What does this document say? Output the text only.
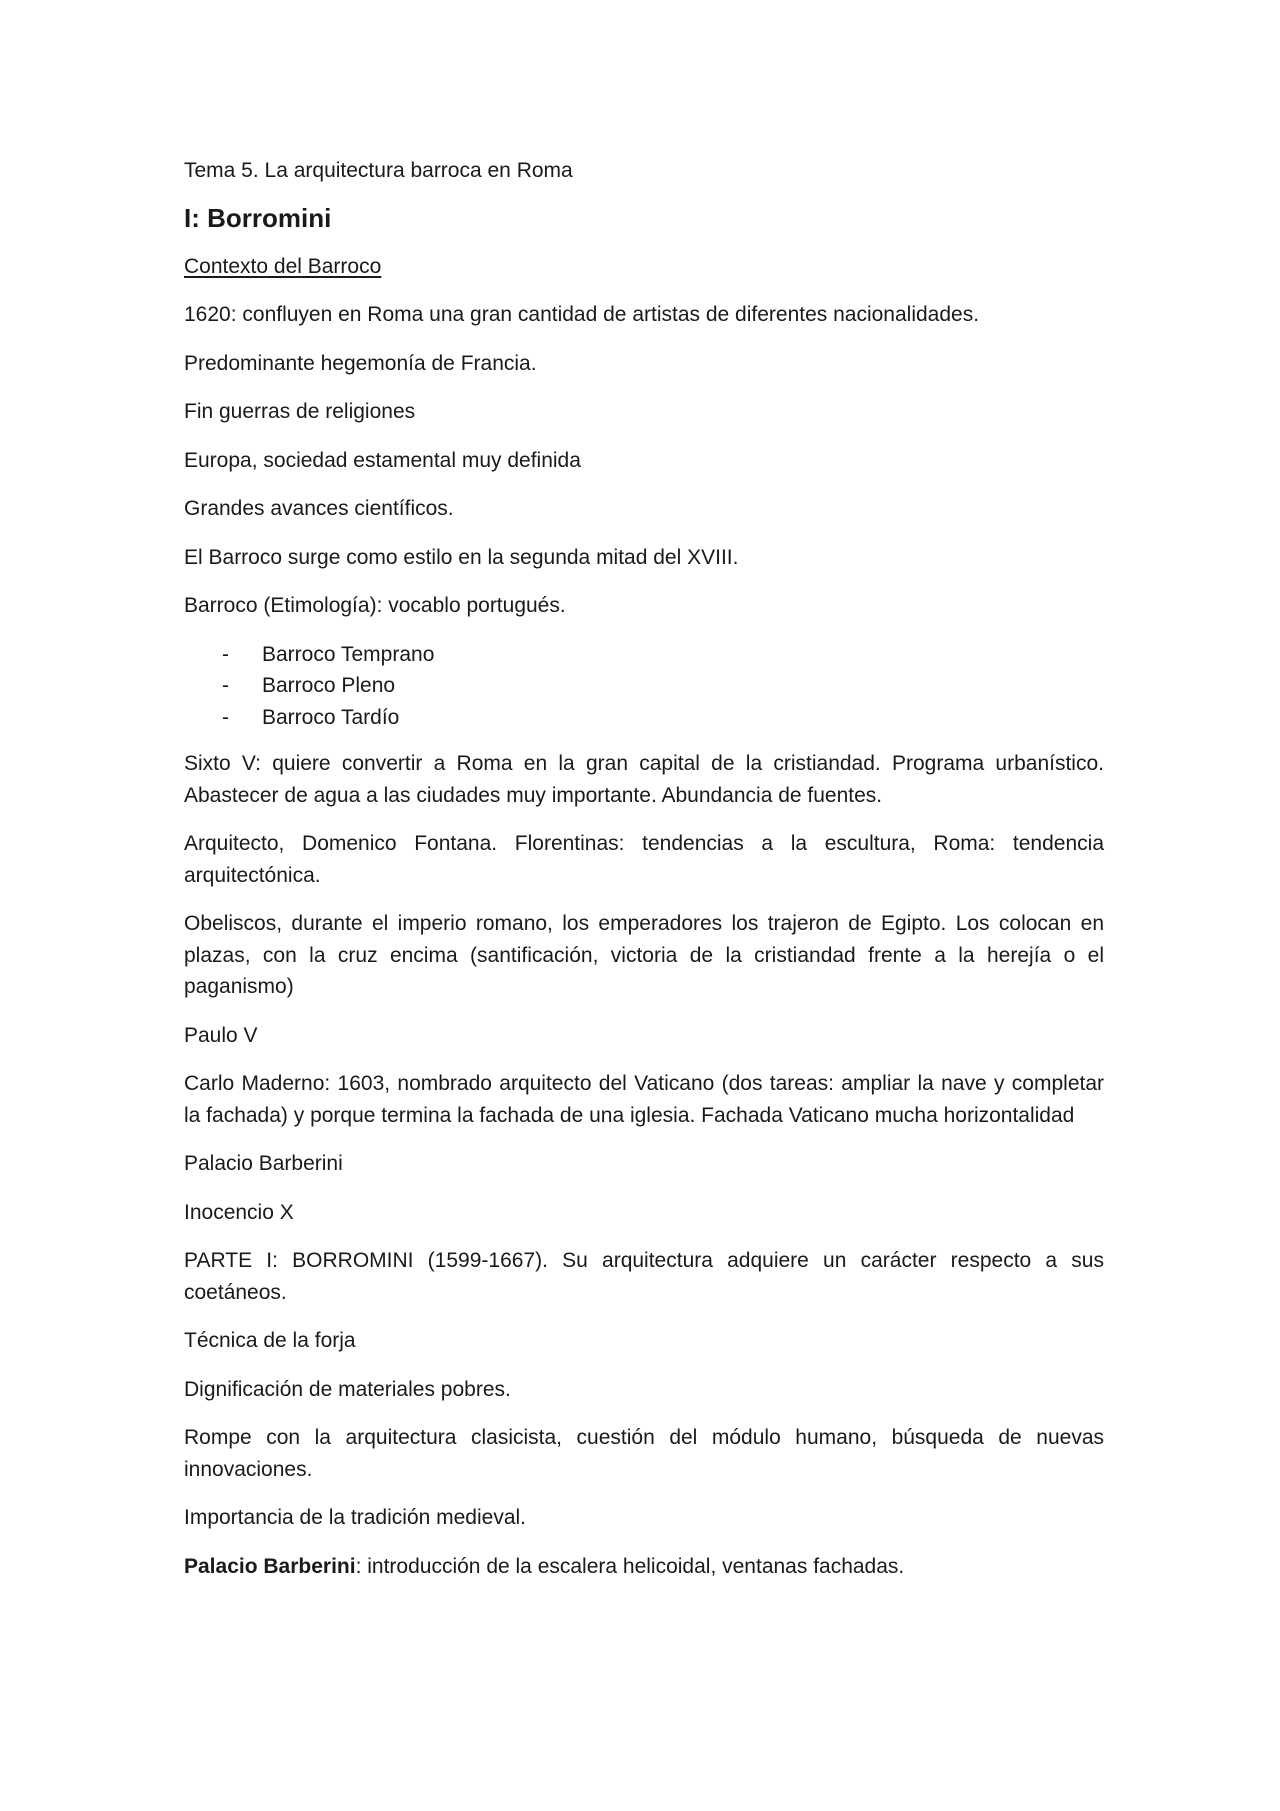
Tema 5. La arquitectura barroca en Roma

I: Borromini

Contexto del Barroco

1620: confluyen en Roma una gran cantidad de artistas de diferentes nacionalidades.

Predominante hegemonía de Francia.

Fin guerras de religiones

Europa, sociedad estamental muy definida

Grandes avances científicos.

El Barroco surge como estilo en la segunda mitad del XVIII.

Barroco (Etimología): vocablo portugués.

-	Barroco Temprano
-	Barroco Pleno
-	Barroco Tardío

Sixto V: quiere convertir a Roma en la gran capital de la cristiandad. Programa urbanístico. Abastecer de agua a las ciudades muy importante. Abundancia de fuentes.

Arquitecto, Domenico Fontana. Florentinas: tendencias a la escultura, Roma: tendencia arquitectónica.

Obeliscos, durante el imperio romano, los emperadores los trajeron de Egipto. Los colocan en plazas, con la cruz encima (santificación, victoria de la cristiandad frente a la herejía o el paganismo)

Paulo V

Carlo Maderno: 1603, nombrado arquitecto del Vaticano (dos tareas: ampliar la nave y completar la fachada) y porque termina la fachada de una iglesia. Fachada Vaticano mucha horizontalidad

Palacio Barberini

Inocencio X

PARTE I: BORROMINI (1599-1667). Su arquitectura adquiere un carácter respecto a sus coetáneos.

Técnica de la forja

Dignificación de materiales pobres.

Rompe con la arquitectura clasicista, cuestión del módulo humano, búsqueda de nuevas innovaciones.

Importancia de la tradición medieval.

Palacio Barberini: introducción de la escalera helicoidal, ventanas fachadas.
